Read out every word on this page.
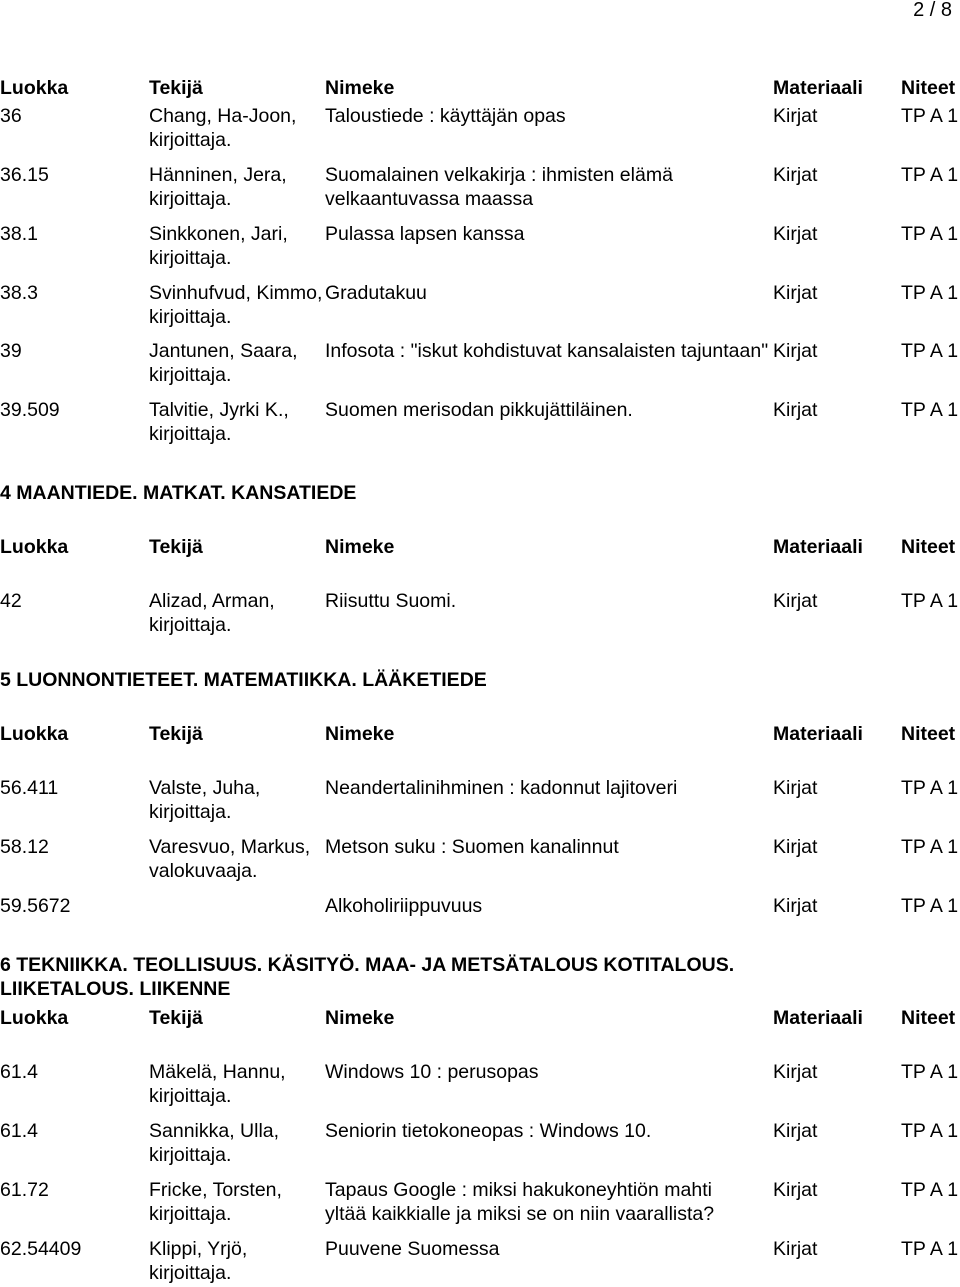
2 / 8
Luokka	Tekijä	Nimeke	Materiaali	Niteet
36	Chang, Ha-Joon, kirjoittaja.	Taloustiede : käyttäjän opas	Kirjat	TP A 1
36.15	Hänninen, Jera, kirjoittaja.	Suomalainen velkakirja : ihmisten elämä velkaantuvassa maassa	Kirjat	TP A 1
38.1	Sinkkonen, Jari, kirjoittaja.	Pulassa lapsen kanssa	Kirjat	TP A 1
38.3	Svinhufvud, Kimmo, kirjoittaja.	Gradutakuu	Kirjat	TP A 1
39	Jantunen, Saara, kirjoittaja.	Infosota : "iskut kohdistuvat kansalaisten tajuntaan"	Kirjat	TP A 1
39.509	Talvitie, Jyrki K., kirjoittaja.	Suomen merisodan pikkujättiläinen.	Kirjat	TP A 1
4 MAANTIEDE. MATKAT. KANSATIEDE
Luokka	Tekijä	Nimeke	Materiaali	Niteet
42	Alizad, Arman, kirjoittaja.	Riisuttu Suomi.	Kirjat	TP A 1
5 LUONNONTIETEET. MATEMATIIKKA. LÄÄKETIEDE
Luokka	Tekijä	Nimeke	Materiaali	Niteet
56.411	Valste, Juha, kirjoittaja.	Neandertalinihminen : kadonnut lajitoveri	Kirjat	TP A 1
58.12	Varesvuo, Markus, valokuvaaja.	Metson suku : Suomen kanalinnut	Kirjat	TP A 1
59.5672		Alkoholiriippuvuus	Kirjat	TP A 1
6 TEKNIIKKA. TEOLLISUUS. KÄSITYÖ. MAA- JA METSÄTALOUS KOTITALOUS. LIIKETALOUS. LIIKENNE
Luokka	Tekijä	Nimeke	Materiaali	Niteet
61.4	Mäkelä, Hannu, kirjoittaja.	Windows 10 : perusopas	Kirjat	TP A 1
61.4	Sannikka, Ulla, kirjoittaja.	Seniorin tietokoneopas : Windows 10.	Kirjat	TP A 1
61.72	Fricke, Torsten, kirjoittaja.	Tapaus Google : miksi hakukoneyhtiön mahti yltää kaikkialle ja miksi se on niin vaarallista?	Kirjat	TP A 1
62.54409	Klippi, Yrjö, kirjoittaja.	Puuvene Suomessa	Kirjat	TP A 1
